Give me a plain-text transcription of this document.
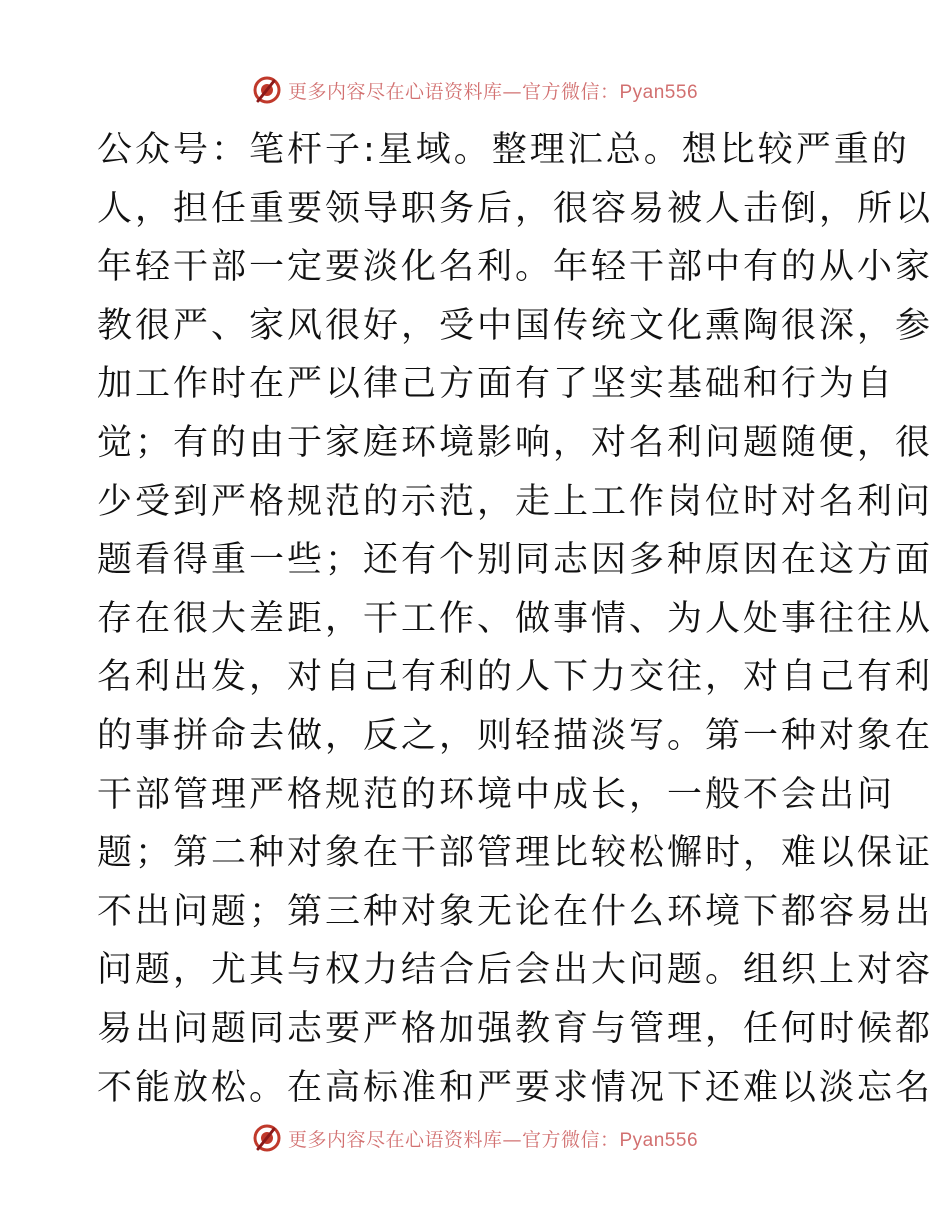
更多内容尽在心语资料库—官方微信：Pyan556
公众号：笔杆子:星域。整理汇总。想比较严重的
人，担任重要领导职务后，很容易被人击倒，所以
年轻干部一定要淡化名利。年轻干部中有的从小家
教很严、家风很好，受中国传统文化熏陶很深，参
加工作时在严以律己方面有了坚实基础和行为自
觉；有的由于家庭环境影响，对名利问题随便，很
少受到严格规范的示范，走上工作岗位时对名利问
题看得重一些；还有个别同志因多种原因在这方面
存在很大差距，干工作、做事情、为人处事往往从
名利出发，对自己有利的人下力交往，对自己有利
的事拼命去做，反之，则轻描淡写。第一种对象在
干部管理严格规范的环境中成长，一般不会出问
题；第二种对象在干部管理比较松懈时，难以保证
不出问题；第三种对象无论在什么环境下都容易出
问题，尤其与权力结合后会出大问题。组织上对容
易出问题同志要严格加强教育与管理，任何时候都
不能放松。在高标准和严要求情况下还难以淡忘名
更多内容尽在心语资料库—官方微信：Pyan556
